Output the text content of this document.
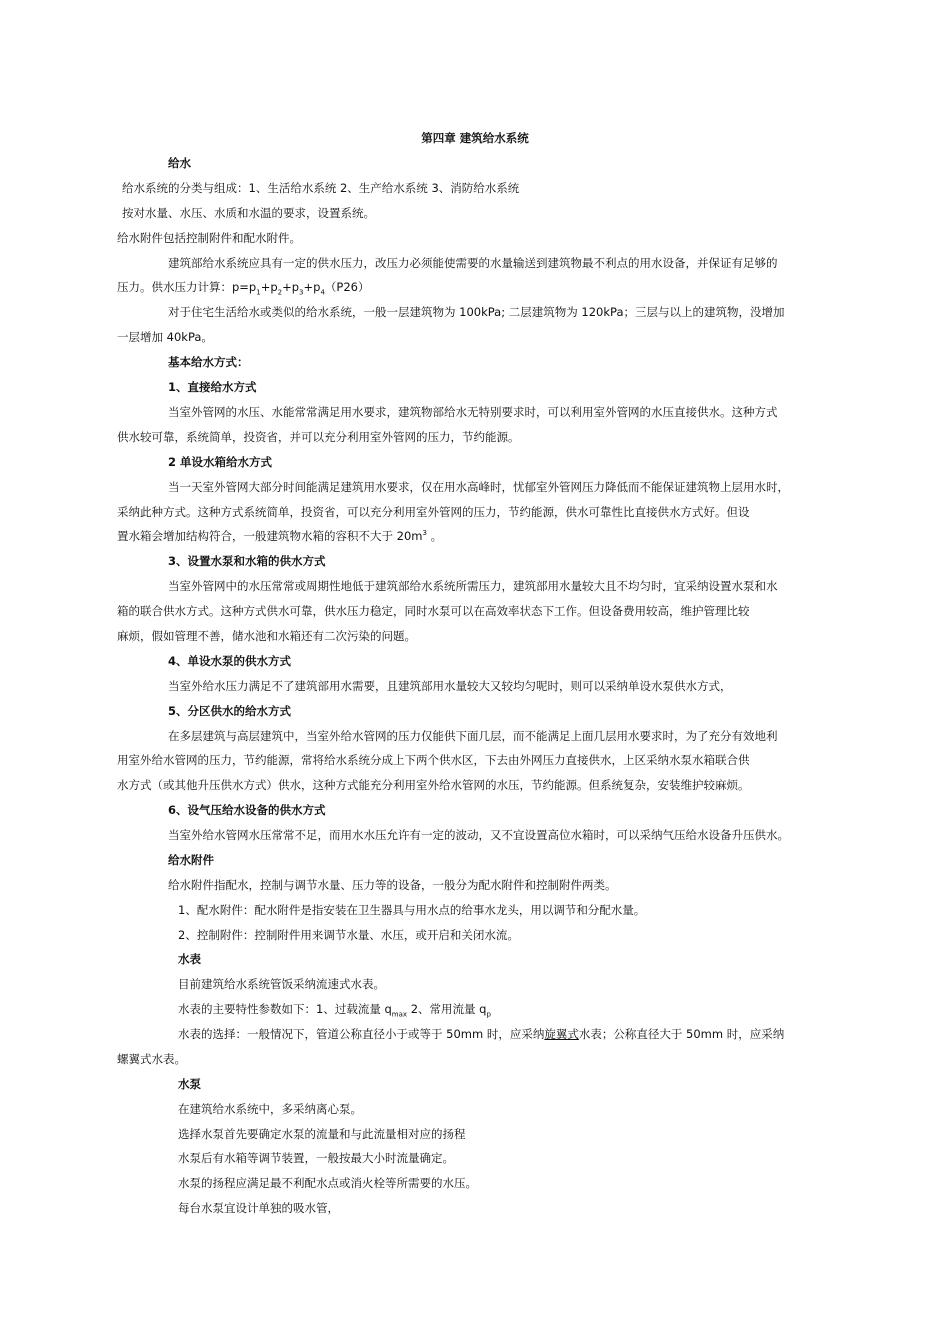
第四章 建筑给水系统
给水
给水系统的分类与组成：1、生活给水系统 2、生产给水系统 3、消防给水系统
按对水量、水压、水质和水温的要求，设置系统。
给水附件包括控制附件和配水附件。
建筑部给水系统应具有一定的供水压力，改压力必须能使需要的水量输送到建筑物最不利点的用水设备，并保证有足够的
压力。供水压力计算：$p=p_1+p_2+p_3+p_4(P26)$
对于住宅生活给水或类似的给水系统，一般一层建筑物为 100kPa; 二层建筑物为 120kPa；三层与以上的建筑物，没增加
一层增加 40kPa。
基本给水方式：
1、直接给水方式
当室外管网的水压、水能常常满足用水要求，建筑物部给水无特别要求时，可以利用室外管网的水压直接供水。这种方式
供水较可靠，系统简单，投资省，并可以充分利用室外管网的压力，节约能源。
2 单设水箱给水方式
当一天室外管网大部分时间能满足建筑用水要求，仅在用水高峰时，忧郁室外管网压力降低而不能保证建筑物上层用水时，
采纳此种方式。这种方式系统简单，投资省，可以充分利用室外管网的压力，节约能源，供水可靠性比直接供水方式好。但设
置水箱会增加结构符合，一般建筑物水箱的容积不大于 $20m^3$ 。
3、设置水泵和水箱的供水方式
当室外管网中的水压常常或周期性地低于建筑部给水系统所需压力，建筑部用水量较大且不均匀时，宜采纳设置水泵和水
箱的联合供水方式。这种方式供水可靠，供水压力稳定，同时水泵可以在高效率状态下工作。但设备费用较高，维护管理比较
麻烦，假如管理不善，储水池和水箱还有二次污染的问题。
4、单设水泵的供水方式
当室外给水压力满足不了建筑部用水需要，且建筑部用水量较大又较均匀呢时，则可以采纳单设水泵供水方式，
5、分区供水的给水方式
在多层建筑与高层建筑中，当室外给水管网的压力仅能供下面几层，而不能满足上面几层用水要求时，为了充分有效地利
用室外给水管网的压力，节约能源，常将给水系统分成上下两个供水区，下去由外网压力直接供水，上区采纳水泵水箱联合供
水方式（或其他升压供水方式）供水，这种方式能充分利用室外给水管网的水压，节约能源。但系统复杂，安装维护较麻烦。
6、设气压给水设备的供水方式
当室外给水管网水压常常不足，而用水水压允许有一定的波动，又不宜设置高位水箱时，可以采纳气压给水设备升压供水。
给水附件
给水附件指配水，控制与调节水量、压力等的设备，一般分为配水附件和控制附件两类。
1、配水附件：配水附件是指安装在卫生器具与用水点的给事水龙头，用以调节和分配水量。
2、控制附件：控制附件用来调节水量、水压，或开启和关闭水流。
水表
目前建筑给水系统管饭采纳流速式水表。
水表的主要特性参数如下：1、过载流量 $q_{max}$ 2、常用流量 $q_p$
水表的选择：一般情况下，管道公称直径小于或等于 50mm 时，应采纳旋翼式水表；公称直径大于 50mm 时，应采纳
螺翼式水表。
水泵
在建筑给水系统中，多采纳离心泵。
选择水泵首先要确定水泵的流量和与此流量相对应的扬程
水泵后有水箱等调节装置，一般按最大小时流量确定。
水泵的扬程应满足最不利配水点或消火栓等所需要的水压。
每台水泵宜设计单独的吸水管，
